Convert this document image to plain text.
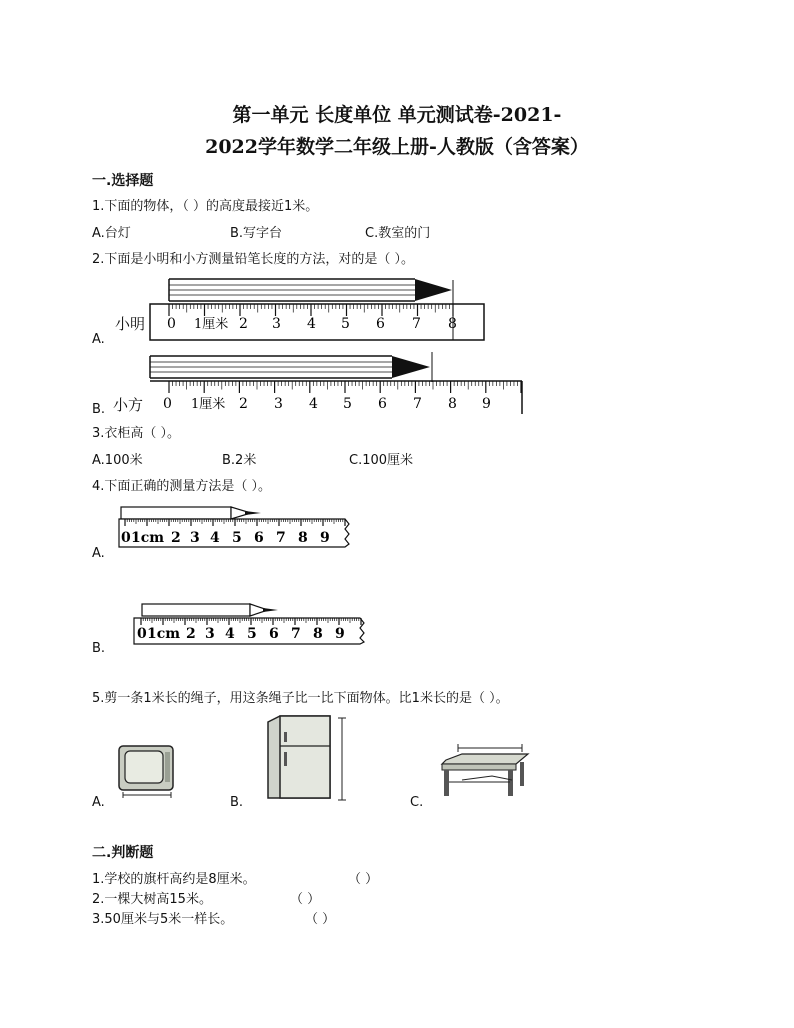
第一单元 长度单位 单元测试卷-2021-
2022学年数学二年级上册-人教版（含答案）
一.选择题
1.下面的物体，（ ）的高度最接近1米。
A.台灯	B.写字台	C.教室的门
2.下面是小明和小方测量铅笔长度的方法，对的是（ ）。
0 1厘米 2 3 4 5 6 7 8
小明
A.
0 1厘米 2 3 4 5 6 7 8 9
小方
B.
3.衣柜高（ ）。
A.100米	B.2米	C.100厘米
4.下面正确的测量方法是（ ）。
0 1cm 2 3 4 5 6 7 8 9
A.
0 1cm 2 3 4 5 6 7 8 9
B.
5.剪一条1米长的绳子，用这条绳子比一比下面物体。比1米长的是（ ）。
A.	B.	C.
二.判断题
1.学校的旗杆高约是8厘米。	（ ）
2.一棵大树高15米。	（ ）
3.50厘米与5米一样长。	（ ）
